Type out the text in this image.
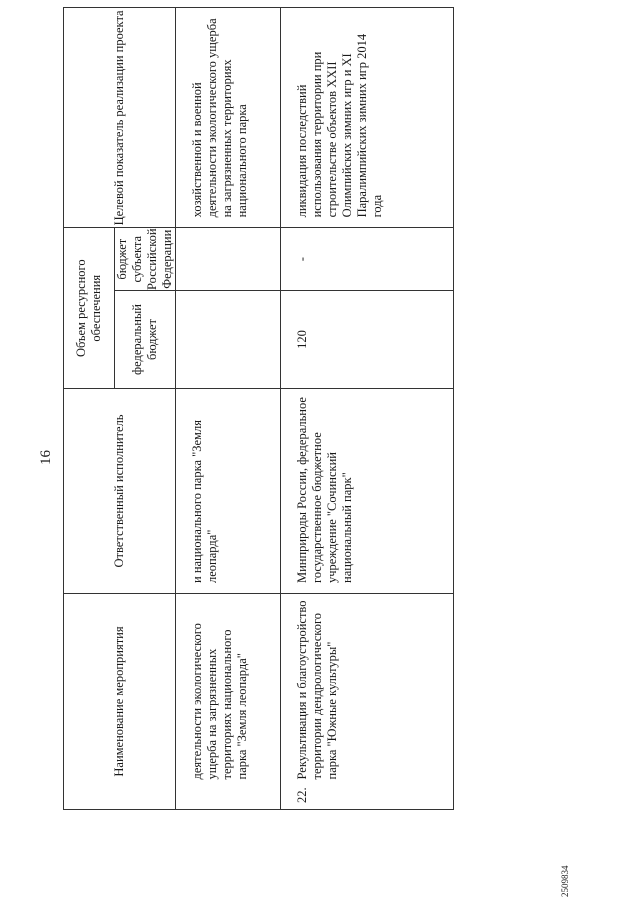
16
Наименование мероприятия		Ответственный исполнитель	Объем ресурсного обеспечения		Целевой показатель реализации проекта
			федеральный бюджет	бюджет субъекта Российской Федерации	
	деятельности экологического ущерба на загрязненных территориях национального парка "Земля леопарда"	и национального парка "Земля леопарда"			хозяйственной и военной деятельности экологического ущерба на загрязненных территориях национального парка
22.	Рекультивация и благоустройство территории дендрологического парка "Южные культуры"	Минприроды России, федеральное государственное бюджетное учреждение "Сочинский национальный парк"	120	-	ликвидация последствий использования территории при строительстве объектов XXII Олимпийских зимних игр и XI Паралимпийских зимних игр 2014 года
2509834
